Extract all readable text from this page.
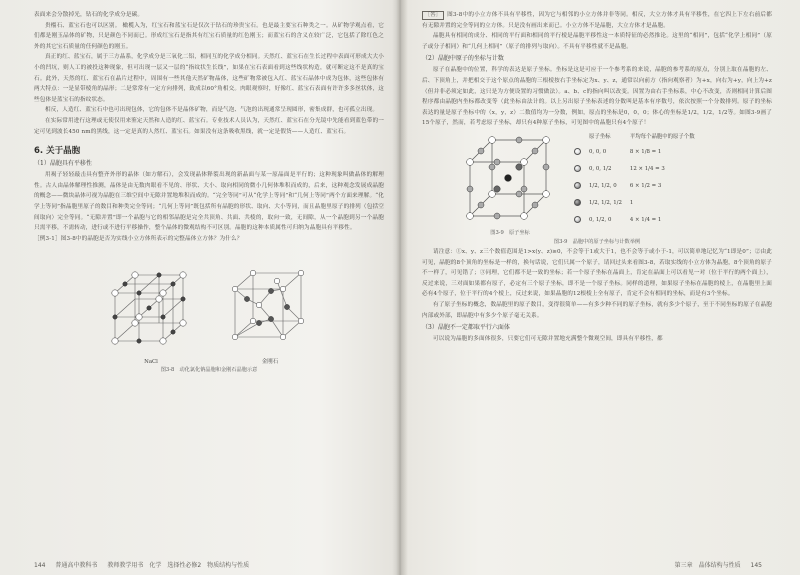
表面来会分散掉光，钻石的化学成分是碳。

贵榴石、蓝宝石也可以区别。 橄榄入为，红宝石和蓝宝石是仅次于钻石的珍贵宝石。也是最主要宝石种类之一。从矿物学观点看，它们都是刚玉品体的矿物，只是颜色不同而已。形成红宝石是指其有红宝石质量的红色刚玉；而蓝宝石的含义在较广泛，它包括了除红色之外的其它宝石质量的任何颜色的刚玉。

真正的红、蓝宝石，属于三方晶系，化学成分是三氧化二铝，相同互的化学成分相同。天然红、蓝宝石在生长过程中表面可形成大大小小的凹坑，则人工的被投这种现象，但可出现一层又一层的“指纹状生长线”，如果在宝石表面看到这些线状构造，就可断定这不是真的宝石。此外，天然的红、蓝宝石在晶片过程中，周围有一些其他天然矿物晶体，这些矿物常被包入红、蓝宝石晶体中成为包体，这些包体有两大特点：一是显带棱角的晶形；二是常常有一定方向排列，致成以60°角相交。肉眼观察时，好像红、蓝宝石表面有许许多多丝状体，这些包体是蓝宝石的指纹状态。

相反，人造红、蓝宝石中也可出现包体，它的包体不是晶体矿物，而是气泡、气泡的出现通常呈现圆形，密集成群，也可孤立出现。

在实际常用进行这理或无使仅用来鉴定天然和人造的红、蓝宝石。专业技术人员认为，天然红、蓝宝石在分光镜中先能看到蓝色带的一定可见到波长450 nm的黑线，这一定是真的人然红、蓝宝石。如果没有这条吸收黑线，就一定是假货——人造红、蓝宝石。

6. 关于晶胞
（1）晶胞具有平移性

用褐子轻轻敲击具有整齐外形的晶体（如方解石），会发现晶体释裂出现的新晶面与某一原晶面是平行的；这种现象叫做晶体的解理性。古人由晶体解理性推测，晶体是由无数肉眼看不见的、形状、大小、取向相同的微小几何体堆积而成的，后来，这种观念发展成晶胞的概念——微块晶体可视为晶胞在三维空间中无隙并置地堆积而成的。“完全等同”可从“化学上等同”和“几何上等同”两个方面来理解。“化学上等同”指晶胞里原子的数目和种类完全等同；“几何上等同”既包括所有晶胞的形状、取向、大小等同，而且晶胞里原子的排列（包括空间取向）完全等同。“无隙并置”即一个晶胞与它的相邻晶胞是完全共顶角、共面、共棱的，取向一致，无间隙，从一个晶胞到另一个晶胞只需平移，不需转动，进行或不进行平移操作，整个晶体的微观结构不可区别。晶胞的这种本质属性可归纳为晶胞具有平移性。

［例3-1］图3-8中的晶胞是否为实线小立方体所表示的完整晶体立方体？为什么？

NaCl	金刚石
图3-8　动化氯化钠晶胞和金刚石晶胞示意
144 普通高中教科书 教师教学用书　化学　选择性必修2　物质结构与性质

［答］ 图3-8中的小立方体不具有平移性，因为它与相邻的小立方体并非等同。相反，大立方体才具有平移性，在它四上下左右前后都有无隙并置的完全等同的立方体。只是没有画出来而已。小立方体不是晶胞，大立方体才是晶胞。

晶胞具有相同的成分、相同的平行面和相同的平行棱是晶胞平移性这一本质特征的必然推论。这里的“相同”，包括“化学上相同”（原子或分子相同）和“几何上相同”（原子的排列与取向）。不具有平移性就不是晶胞。

（2）晶胞中原子的坐标与计数

原子在晶胞中的位置，科学的表达是原子坐标。坐标是这是可应于一个参考系的来说，晶胞的参考系的原点，分别上取在晶胞的左、后、下顶角上，并把相交于这个原点的晶胞的三根棱按右手坐标定为x、y、z，通常以向前方（指向观察者）为+x，向右为+y，向上为+z（但并非必须定如此，这只是为方便设置的习惯做法）。a、b、c的指向叫以改变。因置为由右手坐标系，中心不改变，否则相同计算后图程序都由晶胞内坐标都改变等（此坐标由法计的。以上另出原子坐标表述的分数叫是基本有序数号，依次按照一个分数排列。原子的坐标表达的量是原子坐标中的（x，y，z）二数值均为一分数，例如，原点的坐标是0，0，0；体心的坐标是1/2，1/2，1/2等。如图3-9画了15个原子，然而，若考虑原子坐标，却只有4种原子坐标，可见图中的晶胞只有4个原子！

图3-9　原子坐标
	原子坐标	平均每个晶胞中的原子个数
	0, 0, 0	8 × 1/8 = 1
	0, 0, 1/2	12 × 1/4 = 3
	1/2, 1/2, 0	6 × 1/2 = 3
	1/2, 1/2, 1/2	1
	0, 1/2, 0	4 × 1/4 = 1
图3-9　晶胞中的原子坐标与计数举例

请注意：①x、y、z三个数值范围是1>x(y、z)≥0，不会等于1或大于1，也不会等于或小于-1，可以简单地记忆为“1即是0”；②由此可见，晶胞的8个顶角的坐标是一样的，换句话说，它们只属一个原子，请回过头来看图3-8，若取实线的小立方体为晶胞，8个顶角的原子不一样了，可见错了；③同理，它们都不是一致的坐标；若一个原子坐标在晶面上，肯定在晶面上可以看见一对（位于平行的两个面上），反过来说，三对面如果都有原子，必定有三个原子坐标，即不是一个原子坐标。同样的道理，如果原子坐标在晶胞的棱上，在晶胞里上面必有4个原子，位于平行的4个棱上，反过来说，如果晶胞的12根棱上全有原子，肯定不会有相同的坐标，而是有3个坐标。

有了原子坐标的概念，数晶胞里的原子数目，变得很简单——有多少种不同的原子坐标，就有多少个原子，至于不同坐标的原子在晶胞内部或外部，即晶胞中有多少个原子毫无关系。

（3）晶胞不一定都取平行六面体

可以说为晶胞的多面体很多，只要它们可无隙并置地充满整个微观空间，即具有平移性，都

第三章　晶体结构与性质 145
